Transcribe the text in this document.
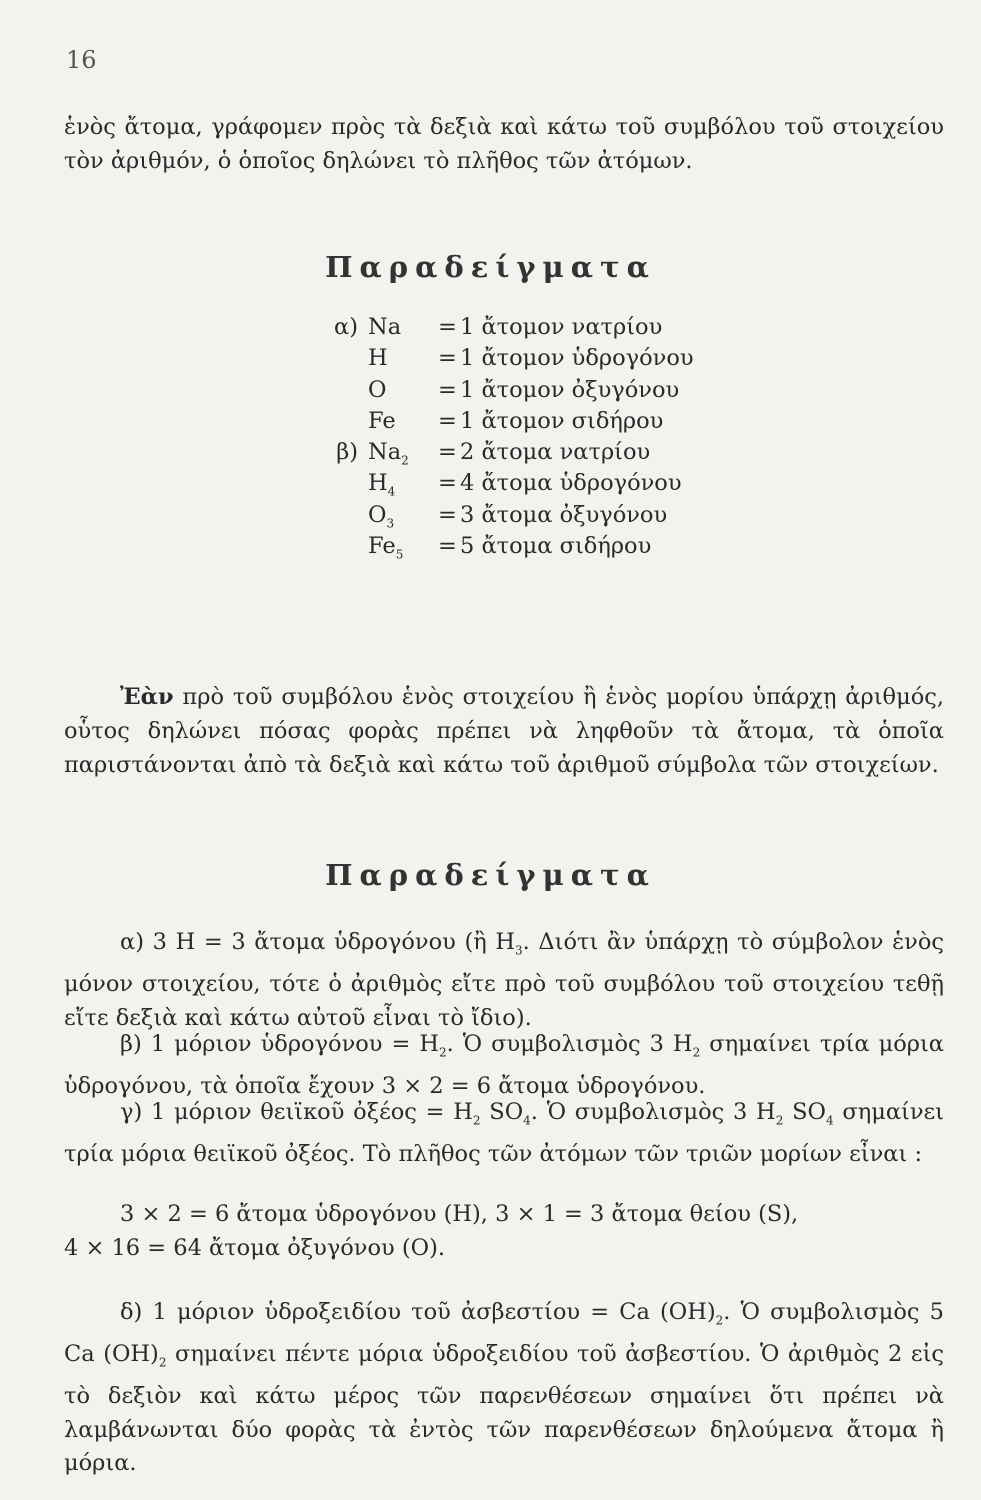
16

ἑνὸς ἄτομα, γράφομεν πρὸς τὰ δεξιὰ καὶ κάτω τοῦ συμβόλου τοῦ στοιχείου τὸν ἀριθμόν, ὁ ὁποῖος δηλώνει τὸ πλῆθος τῶν ἀτόμων.

Παραδείγματα
α) Na = 1 ἄτομον νατρίου
H = 1 ἄτομον ὑδρογόνου
O = 1 ἄτομον ὀξυγόνου
Fe = 1 ἄτομον σιδήρου
β) $Na_2 = 2$ ἄτομα νατρίου
$H_4 = 4$ ἄτομα ὑδρογόνου
$O_3 = 3$ ἄτομα ὀξυγόνου
$Fe_5 = 5$ ἄτομα σιδήρου

Ἐὰν πρὸ τοῦ συμβόλου ἑνὸς στοιχείου ἢ ἑνὸς μορίου ὑπάρχῃ ἀριθμός, οὗτος δηλώνει πόσας φορὰς πρέπει νὰ ληφθοῦν τὰ ἄτομα, τὰ ὁποῖα παριστάνονται ἀπὸ τὰ δεξιὰ καὶ κάτω τοῦ ἀριθμοῦ σύμβολα τῶν στοιχείων.

Παραδείγματα

α) 3 H = 3 ἄτομα ὑδρογόνου (ἢ $H_3$. Διότι ἂν ὑπάρχῃ τὸ σύμβολον ἑνὸς μόνον στοιχείου, τότε ὁ ἀριθμὸς εἴτε πρὸ τοῦ συμβόλου τοῦ στοιχείου τεθῇ εἴτε δεξιὰ καὶ κάτω αὐτοῦ εἶναι τὸ ἴδιο).

β) 1 μόριον ὑδρογόνου = $H_2$. Ὁ συμβολισμὸς 3 $H_2$ σημαίνει τρία μόρια ὑδρογόνου, τὰ ὁποῖα ἔχουν 3 × 2 = 6 ἄτομα ὑδρογόνου.

γ) 1 μόριον θειϊκοῦ ὀξέος = $H_2$ $SO_4$. Ὁ συμβολισμὸς 3 $H_2$ $SO_4$ σημαίνει τρία μόρια θειϊκοῦ ὀξέος. Τὸ πλῆθος τῶν ἀτόμων τῶν τριῶν μορίων εἶναι :

3 × 2 = 6 ἄτομα ὑδρογόνου (H), 3 × 1 = 3 ἄτομα θείου (S),
4 × 16 = 64 ἄτομα ὀξυγόνου (O).

δ) 1 μόριον ὑδροξειδίου τοῦ ἀσβεστίου = Ca $(OH)_2$. Ὁ συμβολισμὸς 5 Ca $(OH)_2$ σημαίνει πέντε μόρια ὑδροξειδίου τοῦ ἀσβεστίου. Ὁ ἀριθμὸς 2 εἰς τὸ δεξιὸν καὶ κάτω μέρος τῶν παρενθέσεων σημαίνει ὅτι πρέπει νὰ λαμβάνωνται δύο φορὰς τὰ ἐντὸς τῶν παρενθέσεων δηλούμενα ἄτομα ἢ μόρια.
